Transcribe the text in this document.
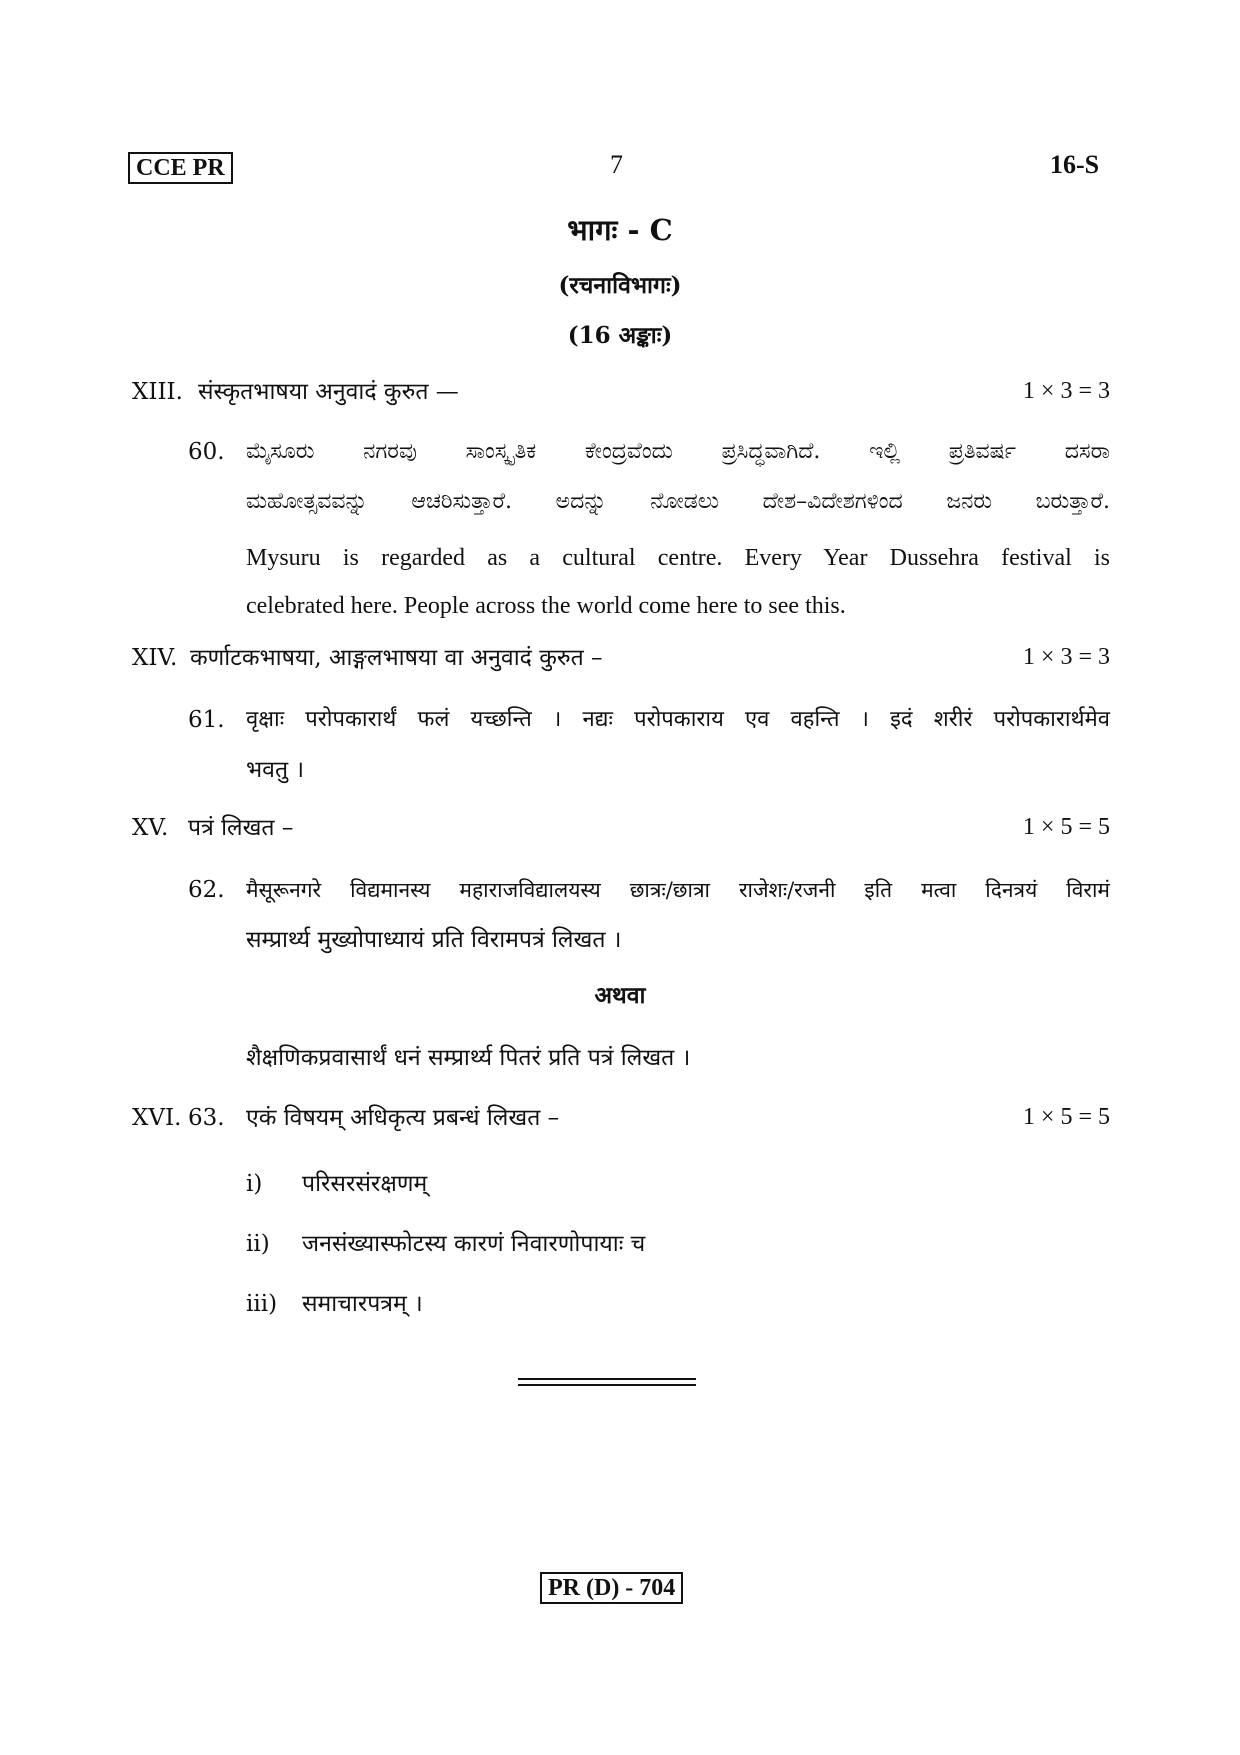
CCE PR	7	16-S
भागः - C
(रचनाविभागः)
(16 अङ्काः)
XIII. संस्कृतभाषया अनुवादं कुरुत —	1 × 3 = 3
60. ಮೈಸೂರು ನಗರವು ಸಾಂಸ್ಕೃತಿಕ ಕೇಂದ್ರವೆಂದು ಪ್ರಸಿದ್ಧವಾಗಿದೆ. ಇಲ್ಲಿ ಪ್ರತಿವರ್ಷ ದಸರಾ
ಮಹೋತ್ಸವವನ್ನು ಆಚರಿಸುತ್ತಾರೆ. ಅದನ್ನು ನೋಡಲು ದೇಶ–ವಿದೇಶಗಳಿಂದ ಜನರು ಬರುತ್ತಾರೆ.
Mysuru is regarded as a cultural centre. Every Year Dussehra festival is
celebrated here. People across the world come here to see this.
XIV. कर्णाटकभाषया, आङ्गलभाषया वा अनुवादं कुरुत –	1 × 3 = 3
61. वृक्षाः परोपकारार्थं फलं यच्छन्ति । नद्यः परोपकाराय एव वहन्ति । इदं शरीरं परोपकारार्थमेव
भवतु ।
XV. पत्रं लिखत –	1 × 5 = 5
62. मैसूरूनगरे विद्यमानस्य महाराजविद्यालयस्य छात्रः/छात्रा राजेशः/रजनी इति मत्वा दिनत्रयं विरामं
सम्प्रार्थ्य मुख्योपाध्यायं प्रति विरामपत्रं लिखत ।
अथवा
शैक्षणिकप्रवासार्थं धनं सम्प्रार्थ्य पितरं प्रति पत्रं लिखत ।
XVI. 63. एकं विषयम् अधिकृत्य प्रबन्धं लिखत –	1 × 5 = 5
i) परिसरसंरक्षणम्
ii) जनसंख्यास्फोटस्य कारणं निवारणोपायाः च
iii) समाचारपत्रम् ।
PR (D) - 704
